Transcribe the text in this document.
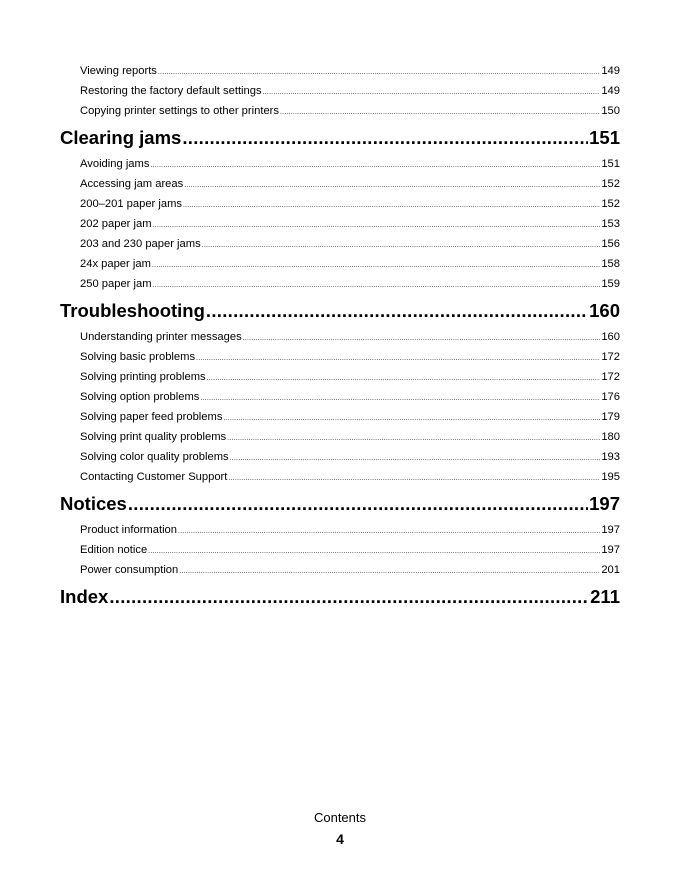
Viewing reports .....	149
Restoring the factory default settings .....	149
Copying printer settings to other printers .....	150
Clearing jams .....	151
Avoiding jams .....	151
Accessing jam areas .....	152
200–201 paper jams .....	152
202 paper jam .....	153
203 and 230 paper jams .....	156
24x paper jam .....	158
250 paper jam .....	159
Troubleshooting .....	160
Understanding printer messages .....	160
Solving basic problems .....	172
Solving printing problems .....	172
Solving option problems .....	176
Solving paper feed problems .....	179
Solving print quality problems .....	180
Solving color quality problems .....	193
Contacting Customer Support .....	195
Notices .....	197
Product information .....	197
Edition notice .....	197
Power consumption .....	201
Index .....	211
Contents
4
